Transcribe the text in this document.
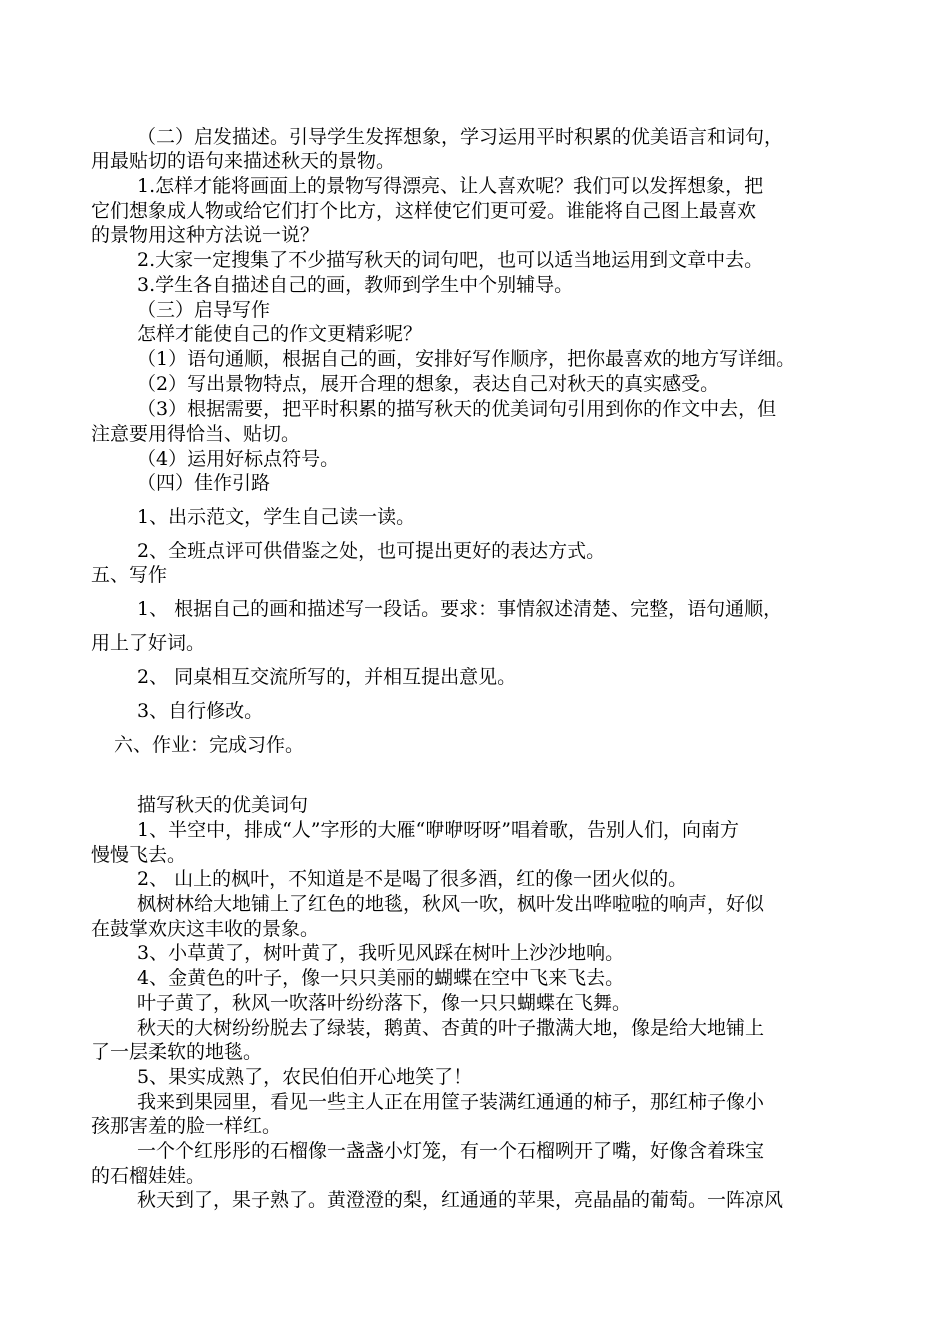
（二）启发描述。引导学生发挥想象，学习运用平时积累的优美语言和词句，
用最贴切的语句来描述秋天的景物。
1.怎样才能将画面上的景物写得漂亮、让人喜欢呢？我们可以发挥想象，把
它们想象成人物或给它们打个比方，这样使它们更可爱。谁能将自己图上最喜欢
的景物用这种方法说一说？
2.大家一定搜集了不少描写秋天的词句吧，也可以适当地运用到文章中去。
3.学生各自描述自己的画，教师到学生中个别辅导。
（三）启导写作
怎样才能使自己的作文更精彩呢？
（1）语句通顺，根据自己的画，安排好写作顺序，把你最喜欢的地方写详细。
（2）写出景物特点，展开合理的想象，表达自己对秋天的真实感受。
（3）根据需要，把平时积累的描写秋天的优美词句引用到你的作文中去，但
注意要用得恰当、贴切。
（4）运用好标点符号。
（四）佳作引路
1、出示范文，学生自己读一读。
2、全班点评可供借鉴之处，也可提出更好的表达方式。
五、写作
1、 根据自己的画和描述写一段话。要求：事情叙述清楚、完整，语句通顺，
用上了好词。
2、 同桌相互交流所写的，并相互提出意见。
3、自行修改。
六、作业：完成习作。
描写秋天的优美词句
1、半空中，排成“人”字形的大雁“咿咿呀呀”唱着歌，告别人们，向南方
慢慢飞去。
2、 山上的枫叶，不知道是不是喝了很多酒，红的像一团火似的。
枫树林给大地铺上了红色的地毯，秋风一吹，枫叶发出哗啦啦的响声，好似
在鼓掌欢庆这丰收的景象。
3、小草黄了，树叶黄了，我听见风踩在树叶上沙沙地响。
4、金黄色的叶子，像一只只美丽的蝴蝶在空中飞来飞去。
叶子黄了，秋风一吹落叶纷纷落下，像一只只蝴蝶在飞舞。
秋天的大树纷纷脱去了绿装，鹅黄、杏黄的叶子撒满大地，像是给大地铺上
了一层柔软的地毯。
5、果实成熟了，农民伯伯开心地笑了！
我来到果园里，看见一些主人正在用筐子装满红通通的柿子，那红柿子像小
孩那害羞的脸一样红。
一个个红彤彤的石榴像一盏盏小灯笼，有一个石榴咧开了嘴，好像含着珠宝
的石榴娃娃。
秋天到了，果子熟了。黄澄澄的梨，红通通的苹果，亮晶晶的葡萄。一阵凉风
